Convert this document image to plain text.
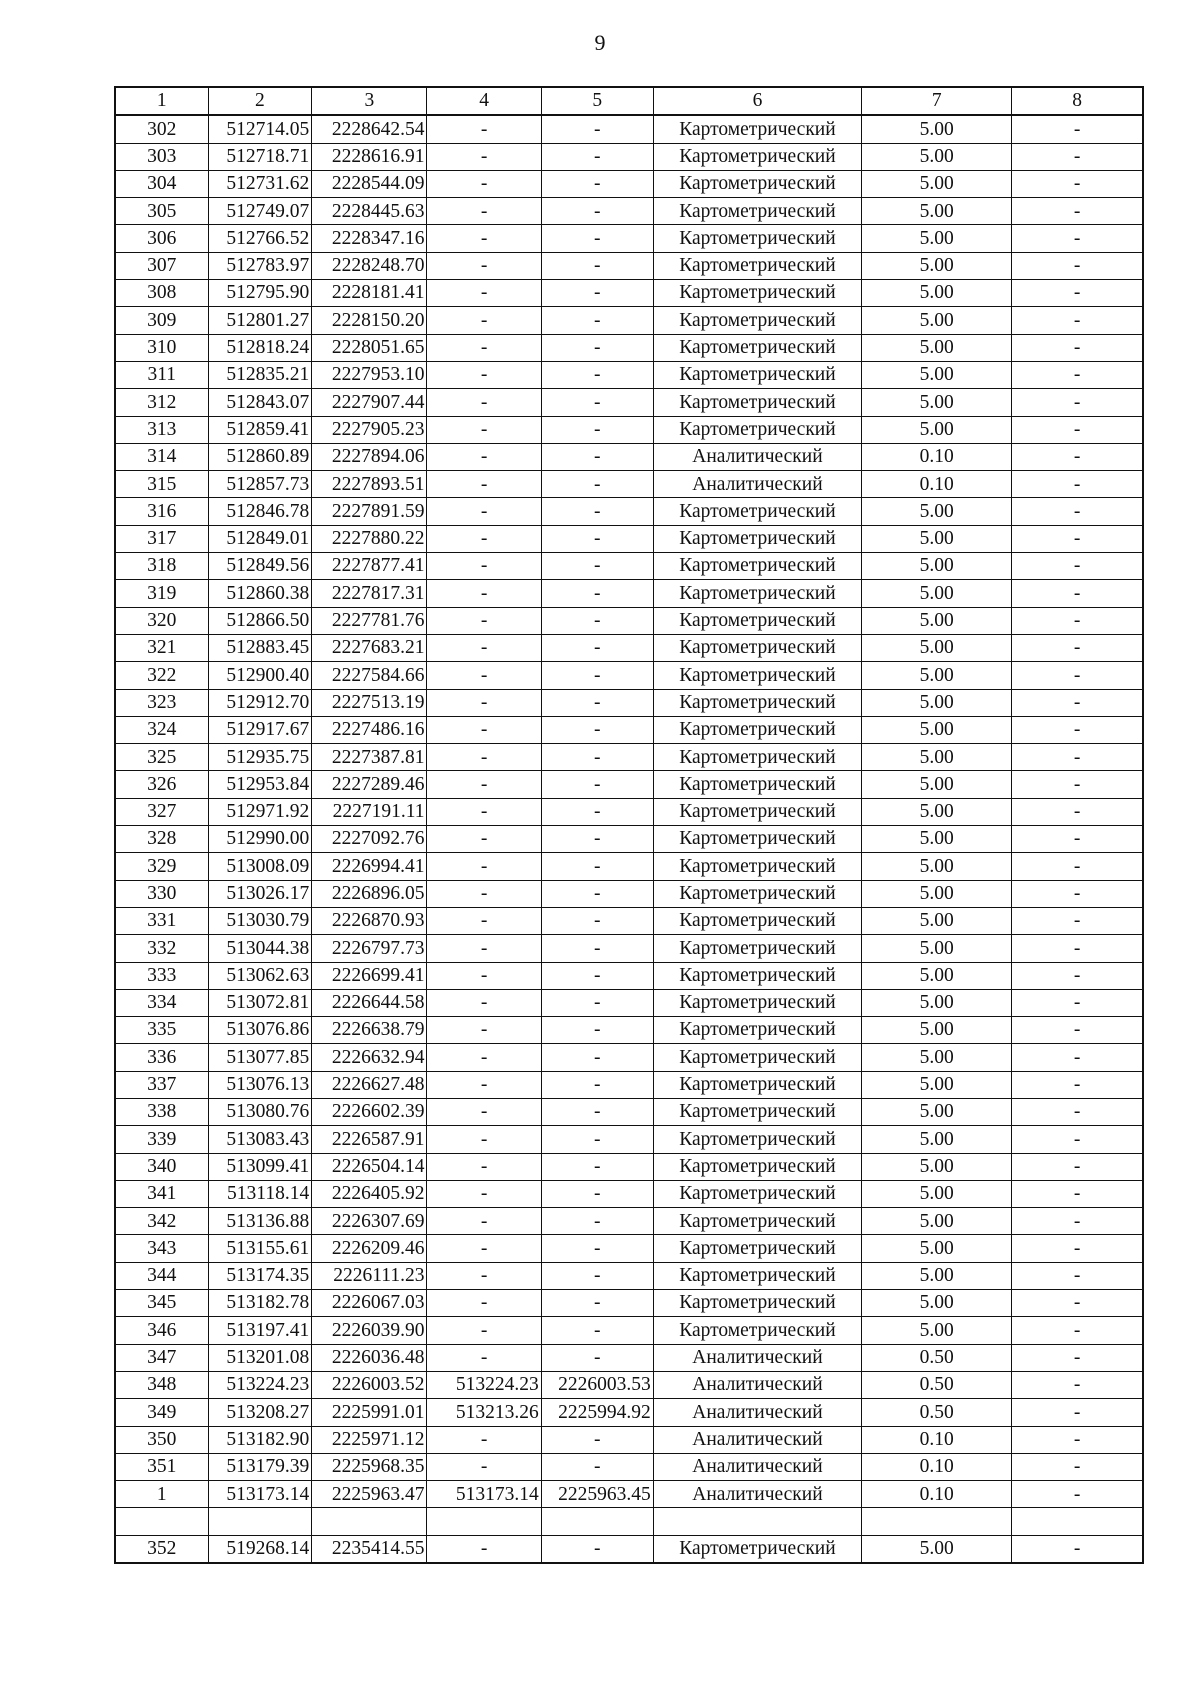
9
1	2	3	4	5	6	7	8
302	512714.05	2228642.54	-	-	Картометрический	5.00	-
303	512718.71	2228616.91	-	-	Картометрический	5.00	-
304	512731.62	2228544.09	-	-	Картометрический	5.00	-
305	512749.07	2228445.63	-	-	Картометрический	5.00	-
306	512766.52	2228347.16	-	-	Картометрический	5.00	-
307	512783.97	2228248.70	-	-	Картометрический	5.00	-
308	512795.90	2228181.41	-	-	Картометрический	5.00	-
309	512801.27	2228150.20	-	-	Картометрический	5.00	-
310	512818.24	2228051.65	-	-	Картометрический	5.00	-
311	512835.21	2227953.10	-	-	Картометрический	5.00	-
312	512843.07	2227907.44	-	-	Картометрический	5.00	-
313	512859.41	2227905.23	-	-	Картометрический	5.00	-
314	512860.89	2227894.06	-	-	Аналитический	0.10	-
315	512857.73	2227893.51	-	-	Аналитический	0.10	-
316	512846.78	2227891.59	-	-	Картометрический	5.00	-
317	512849.01	2227880.22	-	-	Картометрический	5.00	-
318	512849.56	2227877.41	-	-	Картометрический	5.00	-
319	512860.38	2227817.31	-	-	Картометрический	5.00	-
320	512866.50	2227781.76	-	-	Картометрический	5.00	-
321	512883.45	2227683.21	-	-	Картометрический	5.00	-
322	512900.40	2227584.66	-	-	Картометрический	5.00	-
323	512912.70	2227513.19	-	-	Картометрический	5.00	-
324	512917.67	2227486.16	-	-	Картометрический	5.00	-
325	512935.75	2227387.81	-	-	Картометрический	5.00	-
326	512953.84	2227289.46	-	-	Картометрический	5.00	-
327	512971.92	2227191.11	-	-	Картометрический	5.00	-
328	512990.00	2227092.76	-	-	Картометрический	5.00	-
329	513008.09	2226994.41	-	-	Картометрический	5.00	-
330	513026.17	2226896.05	-	-	Картометрический	5.00	-
331	513030.79	2226870.93	-	-	Картометрический	5.00	-
332	513044.38	2226797.73	-	-	Картометрический	5.00	-
333	513062.63	2226699.41	-	-	Картометрический	5.00	-
334	513072.81	2226644.58	-	-	Картометрический	5.00	-
335	513076.86	2226638.79	-	-	Картометрический	5.00	-
336	513077.85	2226632.94	-	-	Картометрический	5.00	-
337	513076.13	2226627.48	-	-	Картометрический	5.00	-
338	513080.76	2226602.39	-	-	Картометрический	5.00	-
339	513083.43	2226587.91	-	-	Картометрический	5.00	-
340	513099.41	2226504.14	-	-	Картометрический	5.00	-
341	513118.14	2226405.92	-	-	Картометрический	5.00	-
342	513136.88	2226307.69	-	-	Картометрический	5.00	-
343	513155.61	2226209.46	-	-	Картометрический	5.00	-
344	513174.35	2226111.23	-	-	Картометрический	5.00	-
345	513182.78	2226067.03	-	-	Картометрический	5.00	-
346	513197.41	2226039.90	-	-	Картометрический	5.00	-
347	513201.08	2226036.48	-	-	Аналитический	0.50	-
348	513224.23	2226003.52	513224.23	2226003.53	Аналитический	0.50	-
349	513208.27	2225991.01	513213.26	2225994.92	Аналитический	0.50	-
350	513182.90	2225971.12	-	-	Аналитический	0.10	-
351	513179.39	2225968.35	-	-	Аналитический	0.10	-
1	513173.14	2225963.47	513173.14	2225963.45	Аналитический	0.10	-

352	519268.14	2235414.55	-	-	Картометрический	5.00	-
